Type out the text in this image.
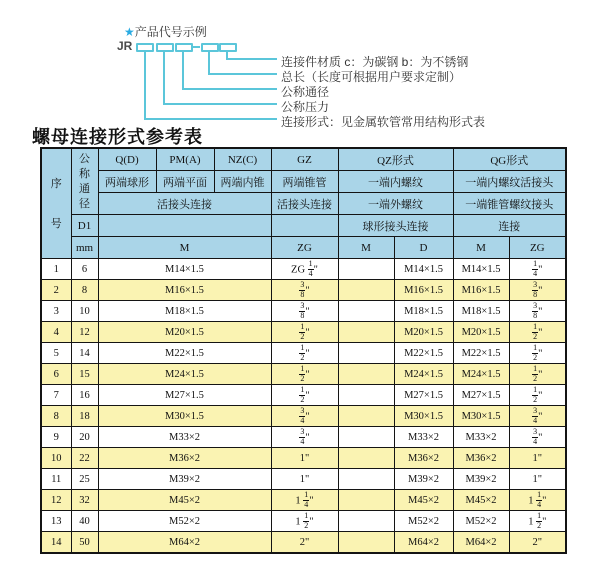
★产品代号示例
JR
连接件材质 c：为碳钢 b：为不锈钢
总长（长度可根据用户要求定制）
公称通径
公称压力
连接形式：见金属软管常用结构形式表
螺母连接形式参考表
序号	公称通径	Q(D)	PM(A)	NZ(C)	GZ	QZ形式		QG形式	
		两端球形	两端平面	两端内锥	两端锥管	一端内螺纹		一端内螺纹活接头	
		活接头连接			活接头连接	一端外螺纹		一端锥管螺纹接头	
	D1					球形接头连接		连接	
	mm	M			ZG	M	D	M	ZG
1	6	M14×1.5			ZG $\frac{1}{4}$ "		M14×1.5	M14×1.5	$\frac{1}{4}$ "
2	8	M16×1.5			$\frac{3}{8}$ "		M16×1.5	M16×1.5	$\frac{3}{8}$ "
3	10	M18×1.5			$\frac{3}{8}$ "		M18×1.5	M18×1.5	$\frac{3}{8}$ "
4	12	M20×1.5			$\frac{1}{2}$ "		M20×1.5	M20×1.5	$\frac{1}{2}$ "
5	14	M22×1.5			$\frac{1}{2}$ "		M22×1.5	M22×1.5	$\frac{1}{2}$ "
6	15	M24×1.5			$\frac{1}{2}$ "		M24×1.5	M24×1.5	$\frac{1}{2}$ "
7	16	M27×1.5			$\frac{1}{2}$ "		M27×1.5	M27×1.5	$\frac{1}{2}$ "
8	18	M30×1.5			$\frac{3}{4}$ "		M30×1.5	M30×1.5	$\frac{3}{4}$ "
9	20	M33×2			$\frac{3}{4}$ "		M33×2	M33×2	$\frac{3}{4}$ "
10	22	M36×2			1"		M36×2	M36×2	1"
11	25	M39×2			1"		M39×2	M39×2	1"
12	32	M45×2			$1 \frac{1}{4}$ "		M45×2	M45×2	$1 \frac{1}{4}$ "
13	40	M52×2			$1 \frac{1}{2}$ "		M52×2	M52×2	$1 \frac{1}{2}$ "
14	50	M64×2			2"		M64×2	M64×2	2"
